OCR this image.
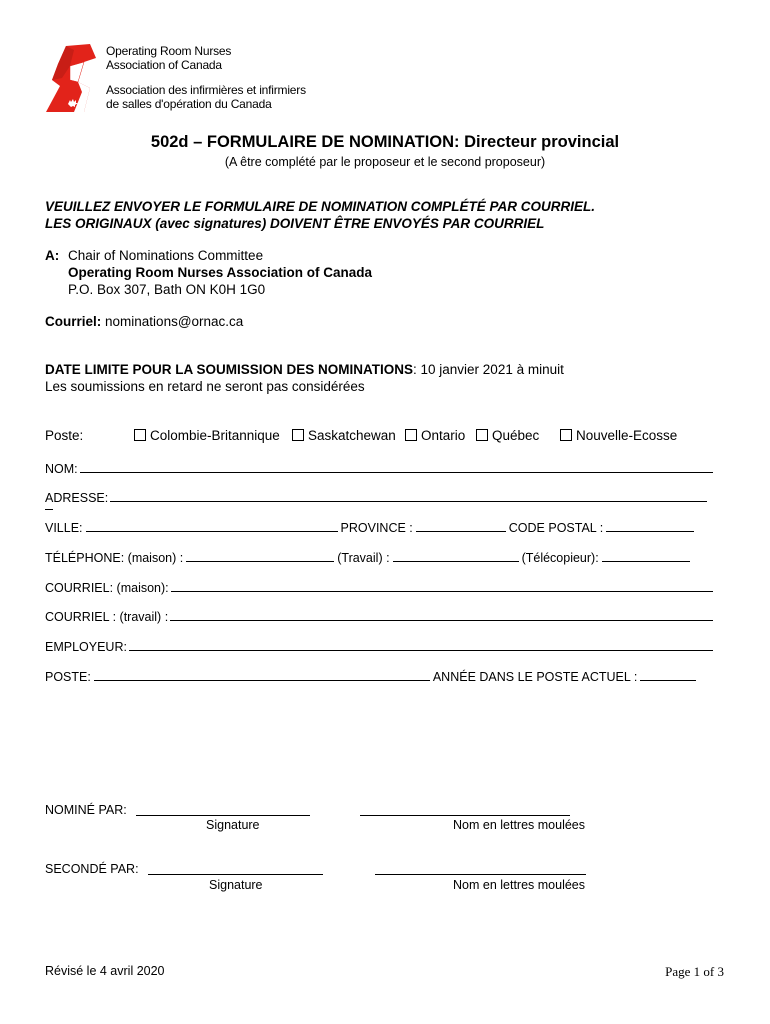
Operating Room Nurses
Association of Canada
Association des infirmières et infirmiers
de salles d'opération du Canada
502d – FORMULAIRE DE NOMINATION: Directeur provincial
(A être complété par le proposeur et le second proposeur)
VEUILLEZ ENVOYER LE FORMULAIRE DE NOMINATION COMPLÉTÉ PAR COURRIEL.
LES ORIGINAUX (avec signatures) DOIVENT ÊTRE ENVOYÉS PAR COURRIEL
A: Chair of Nominations Committee
Operating Room Nurses Association of Canada
P.O. Box 307, Bath ON K0H 1G0
Courriel: nominations@ornac.ca
DATE LIMITE POUR LA SOUMISSION DES NOMINATIONS: 10 janvier 2021 à minuit
Les soumissions en retard ne seront pas considérées
Poste:	Colombie-Britannique	Saskatchewan	Ontario	Québec	Nouvelle-Ecosse
NOM:
ADRESSE:
VILLE:	PROVINCE :	CODE POSTAL :
TÉLÉPHONE: (maison) :	(Travail) :	(Télécopieur):
COURRIEL: (maison):
COURRIEL : (travail) :
EMPLOYEUR:
POSTE:	ANNÉE DANS LE POSTE ACTUEL :
NOMINÉ PAR:
Signature	Nom en lettres moulées
SECONDÉ PAR:
Signature	Nom en lettres moulées
Révisé le 4 avril 2020	Page 1 of 3
